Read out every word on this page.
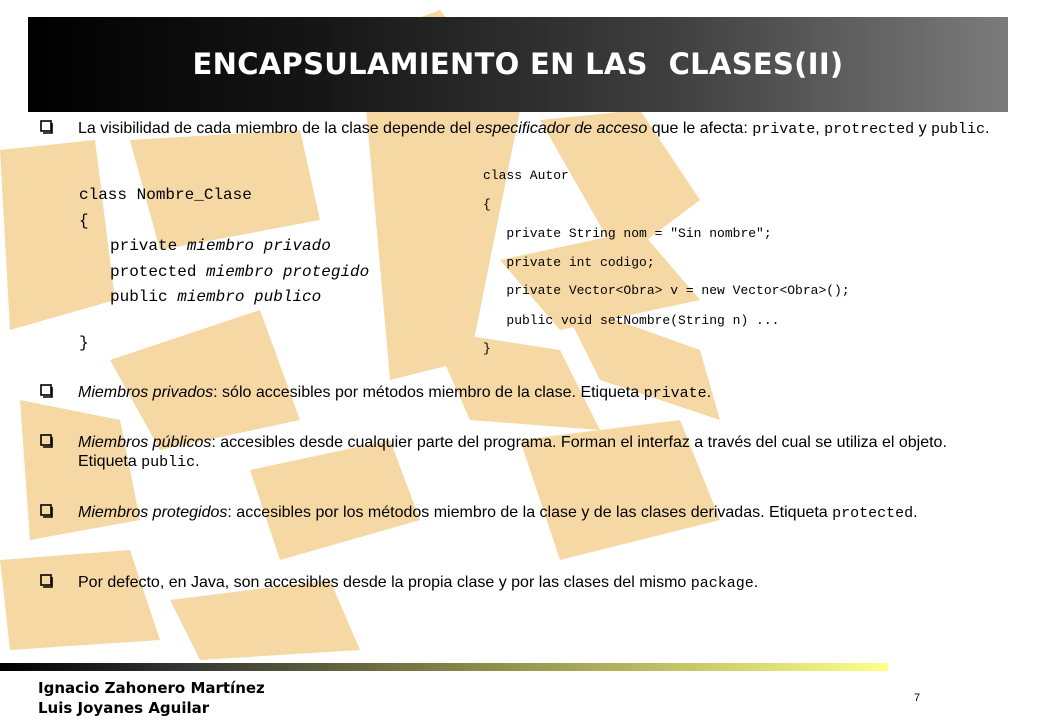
ENCAPSULAMIENTO EN LAS  CLASES(II)
La visibilidad de cada miembro de la clase depende del especificador de acceso que le afecta: private, protrected y public.
class Nombre_Clase
{
private miembro privado
protected miembro protegido
public miembro publico
}
class Autor
{
private String nom = "Sin nombre";
private int codigo;
private Vector<Obra> v = new Vector<Obra>();
public void setNombre(String n) ...
}
Miembros privados: sólo accesibles por métodos miembro de la clase. Etiqueta private.
Miembros públicos: accesibles desde cualquier parte del programa. Forman el interfaz a través del cual se utiliza el objeto. Etiqueta public.
Miembros protegidos: accesibles por los métodos miembro de la clase y de las clases derivadas. Etiqueta protected.
Por defecto, en Java, son accesibles desde la propia clase y por las clases del mismo package.
Ignacio Zahonero Martínez
Luis Joyanes Aguilar
7
